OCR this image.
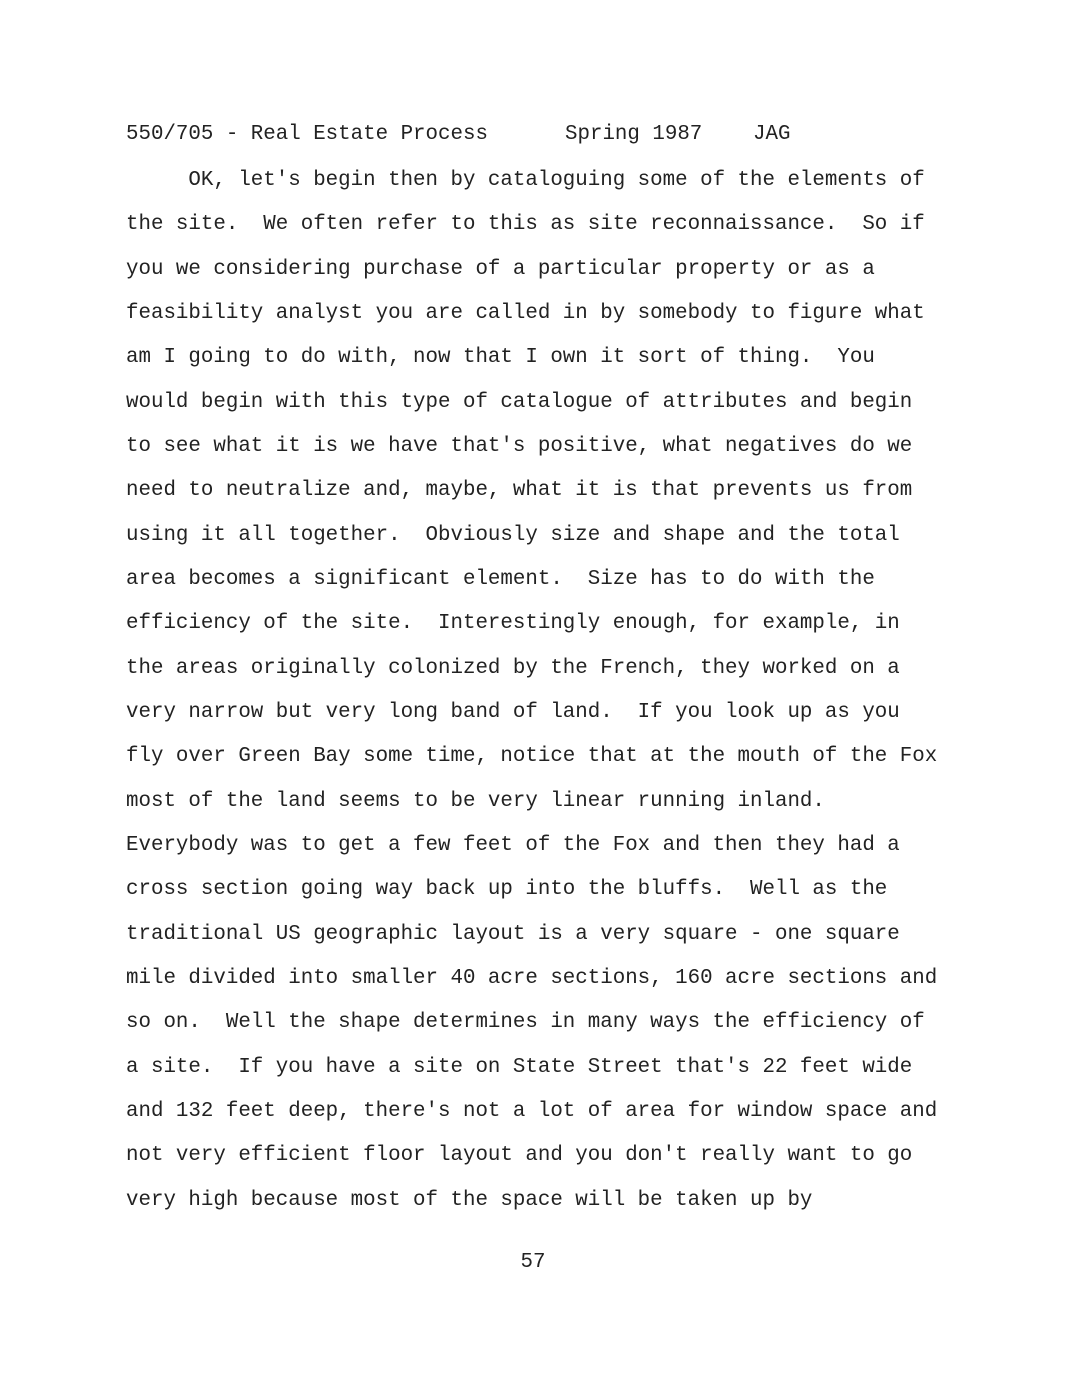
550/705 - Real Estate Process

	Spring 1987

JAG

OK, let's begin then by cataloguing some of the elements of
the site.  We often refer to this as site reconnaissance.  So if
you we considering purchase of a particular property or as a
feasibility analyst you are called in by somebody to figure what
am I going to do with, now that I own it sort of thing.  You
would begin with this type of catalogue of attributes and begin
to see what it is we have that's positive, what negatives do we
need to neutralize and, maybe, what it is that prevents us from
using it all together.  Obviously size and shape and the total
area becomes a significant element.  Size has to do with the
efficiency of the site.  Interestingly enough, for example, in
the areas originally colonized by the French, they worked on a
very narrow but very long band of land.  If you look up as you
fly over Green Bay some time, notice that at the mouth of the Fox
most of the land seems to be very linear running inland.
Everybody was to get a few feet of the Fox and then they had a
cross section going way back up into the bluffs.  Well as the
traditional US geographic layout is a very square - one square
mile divided into smaller 40 acre sections, 160 acre sections and
so on.  Well the shape determines in many ways the efficiency of
a site.  If you have a site on State Street that's 22 feet wide
and 132 feet deep, there's not a lot of area for window space and
not very efficient floor layout and you don't really want to go
very high because most of the space will be taken up by
57
